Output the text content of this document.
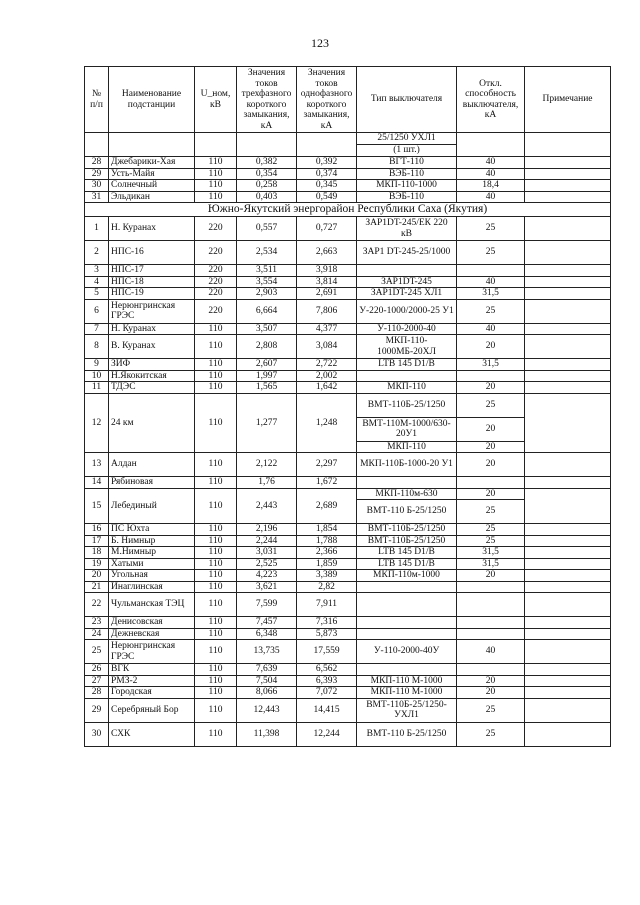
123
№ п/п	Наименование подстанции	U_ном, кВ	Значения токов трехфазного короткого замыкания, кА	Значения токов однофазного короткого замыкания, кА	Тип выключателя	Откл. способность выключателя, кА	Примечание
					25/1250 УХЛ1		
					(1 шт.)		
28	Джебарики-Хая	110	0,382	0,392	ВГТ-110	40	
29	Усть-Майя	110	0,354	0,374	ВЭБ-110	40	
30	Солнечный	110	0,258	0,345	МКП-110-1000	18,4	
31	Эльдикан	110	0,403	0,549	ВЭБ-110	40	
Южно-Якутский энергорайон Республики Саха (Якутия)							
1	Н. Куранах	220	0,557	0,727	ЗАР1DT-245/ЕК 220 кВ	25	
2	НПС-16	220	2,534	2,663	ЗАР1 DT-245-25/1000	25	
3	НПС-17	220	3,511	3,918			
4	НПС-18	220	3,554	3,814	ЗАР1DT-245	40	
5	НПС-19	220	2,903	2,691	ЗАР1DT-245 ХЛ1	31,5	
6	Нерюнгринская ГРЭС	220	6,664	7,806	У-220-1000/2000-25 У1	25	
7	Н. Куранах	110	3,507	4,377	У-110-2000-40	40	
8	В. Куранах	110	2,808	3,084	МКП-110-1000МБ-20ХЛ	20	
9	ЗИФ	110	2,607	2,722	LTB 145 D1/B	31,5	
10	Н.Якокитская	110	1,997	2,002			
11	ТДЭС	110	1,565	1,642	МКП-110	20	
12	24 км	110	1,277	1,248	ВМТ-110Б-25/1250	25	
					ВМТ-110М-1000/630-20У1	20	
					МКП-110	20	
13	Алдан	110	2,122	2,297	МКП-110Б-1000-20 У1	20	
14	Рябиновая	110	1,76	1,672			
15	Лебединый	110	2,443	2,689	МКП-110м-630	20	
					ВМТ-110 Б-25/1250	25	
16	ПС Юхта	110	2,196	1,854	ВМТ-110Б-25/1250	25	
17	Б. Нимныр	110	2,244	1,788	ВМТ-110Б-25/1250	25	
18	М.Нимныр	110	3,031	2,366	LTB 145 D1/B	31,5	
19	Хатыми	110	2,525	1,859	LTB 145 D1/B	31,5	
20	Угольная	110	4,223	3,389	МКП-110м-1000	20	
21	Инаглинская	110	3,621	2,82			
22	Чульманская ТЭЦ	110	7,599	7,911			
23	Денисовская	110	7,457	7,316			
24	Дежневская	110	6,348	5,873			
25	Нерюнгринская ГРЭС	110	13,735	17,559	У-110-2000-40У	40	
26	ВГК	110	7,639	6,562			
27	РМЗ-2	110	7,504	6,393	МКП-110 М-1000	20	
28	Городская	110	8,066	7,072	МКП-110 М-1000	20	
29	Серебряный Бор	110	12,443	14,415	ВМТ-110Б-25/1250-УХЛ1	25	
30	СХК	110	11,398	12,244	ВМТ-110 Б-25/1250	25	
